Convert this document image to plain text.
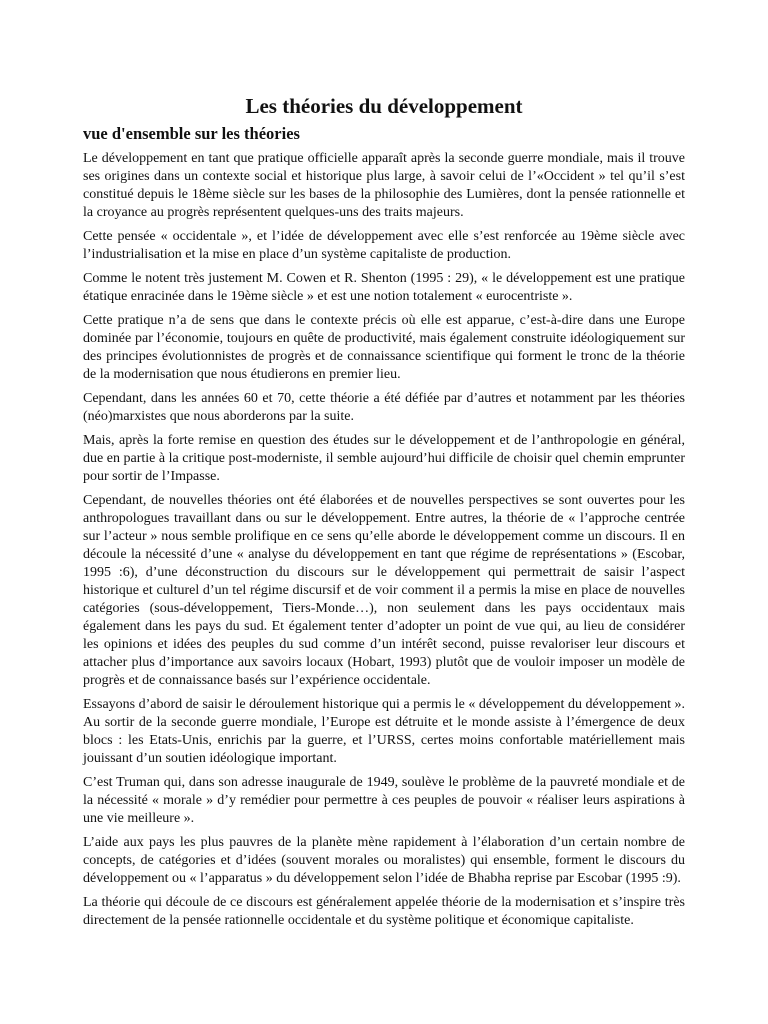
Les théories du développement
vue d'ensemble sur les théories

Le développement en tant que pratique officielle apparaît après la seconde guerre mondiale, mais il trouve ses origines dans un contexte social et historique plus large, à savoir celui de l’«Occident » tel qu’il s’est constitué depuis le 18ème siècle sur les bases de la philosophie des Lumières, dont la pensée rationnelle et la croyance au progrès représentent quelques-uns des traits majeurs.

Cette pensée « occidentale », et l’idée de développement avec elle s’est renforcée au 19ème siècle avec l’industrialisation et la mise en place d’un système capitaliste de production.

Comme le notent très justement M. Cowen et R. Shenton (1995 : 29), « le développement est une pratique étatique enracinée dans le 19ème siècle » et est une notion totalement « eurocentriste ».

Cette pratique n’a de sens que dans le contexte précis où elle est apparue, c’est-à-dire dans une Europe dominée par l’économie, toujours en quête de productivité, mais également construite idéologiquement sur des principes évolutionnistes de progrès et de connaissance scientifique qui forment le tronc de la théorie de la modernisation que nous étudierons en premier lieu.

Cependant, dans les années 60 et 70, cette théorie a été défiée par d’autres et notamment par les théories (néo)marxistes que nous aborderons par la suite.

Mais, après la forte remise en question des études sur le développement et de l’anthropologie en général, due en partie à la critique post-moderniste, il semble aujourd’hui difficile de choisir quel chemin emprunter pour sortir de l’Impasse.

Cependant, de nouvelles théories ont été élaborées et de nouvelles perspectives se sont ouvertes pour les anthropologues travaillant dans ou sur le développement. Entre autres, la théorie de « l’approche centrée sur l’acteur » nous semble prolifique en ce sens qu’elle aborde le développement comme un discours. Il en découle la nécessité d’une « analyse du développement en tant que régime de représentations » (Escobar, 1995 :6), d’une déconstruction du discours sur le développement qui permettrait de saisir l’aspect historique et culturel d’un tel régime discursif et de voir comment il a permis la mise en place de nouvelles catégories (sous-développement, Tiers-Monde…), non seulement dans les pays occidentaux mais également dans les pays du sud. Et également tenter d’adopter un point de vue qui, au lieu de considérer les opinions et idées des peuples du sud comme d’un intérêt second, puisse revaloriser leur discours et attacher plus d’importance aux savoirs locaux (Hobart, 1993) plutôt que de vouloir imposer un modèle de progrès et de connaissance basés sur l’expérience occidentale.

Essayons d’abord de saisir le déroulement historique qui a permis le « développement du développement ». Au sortir de la seconde guerre mondiale, l’Europe est détruite et le monde assiste à l’émergence de deux blocs : les Etats-Unis, enrichis par la guerre, et l’URSS, certes moins confortable matériellement mais jouissant d’un soutien idéologique important.

C’est Truman qui, dans son adresse inaugurale de 1949, soulève le problème de la pauvreté mondiale et de la nécessité « morale » d’y remédier pour permettre à ces peuples de pouvoir « réaliser leurs aspirations à une vie meilleure ».

L’aide aux pays les plus pauvres de la planète mène rapidement à l’élaboration d’un certain nombre de concepts, de catégories et d’idées (souvent morales ou moralistes) qui ensemble, forment le discours du développement ou « l’apparatus » du développement selon l’idée de Bhabha reprise par Escobar (1995 :9).

La théorie qui découle de ce discours est généralement appelée théorie de la modernisation et s’inspire très directement de la pensée rationnelle occidentale et du système politique et économique capitaliste.
